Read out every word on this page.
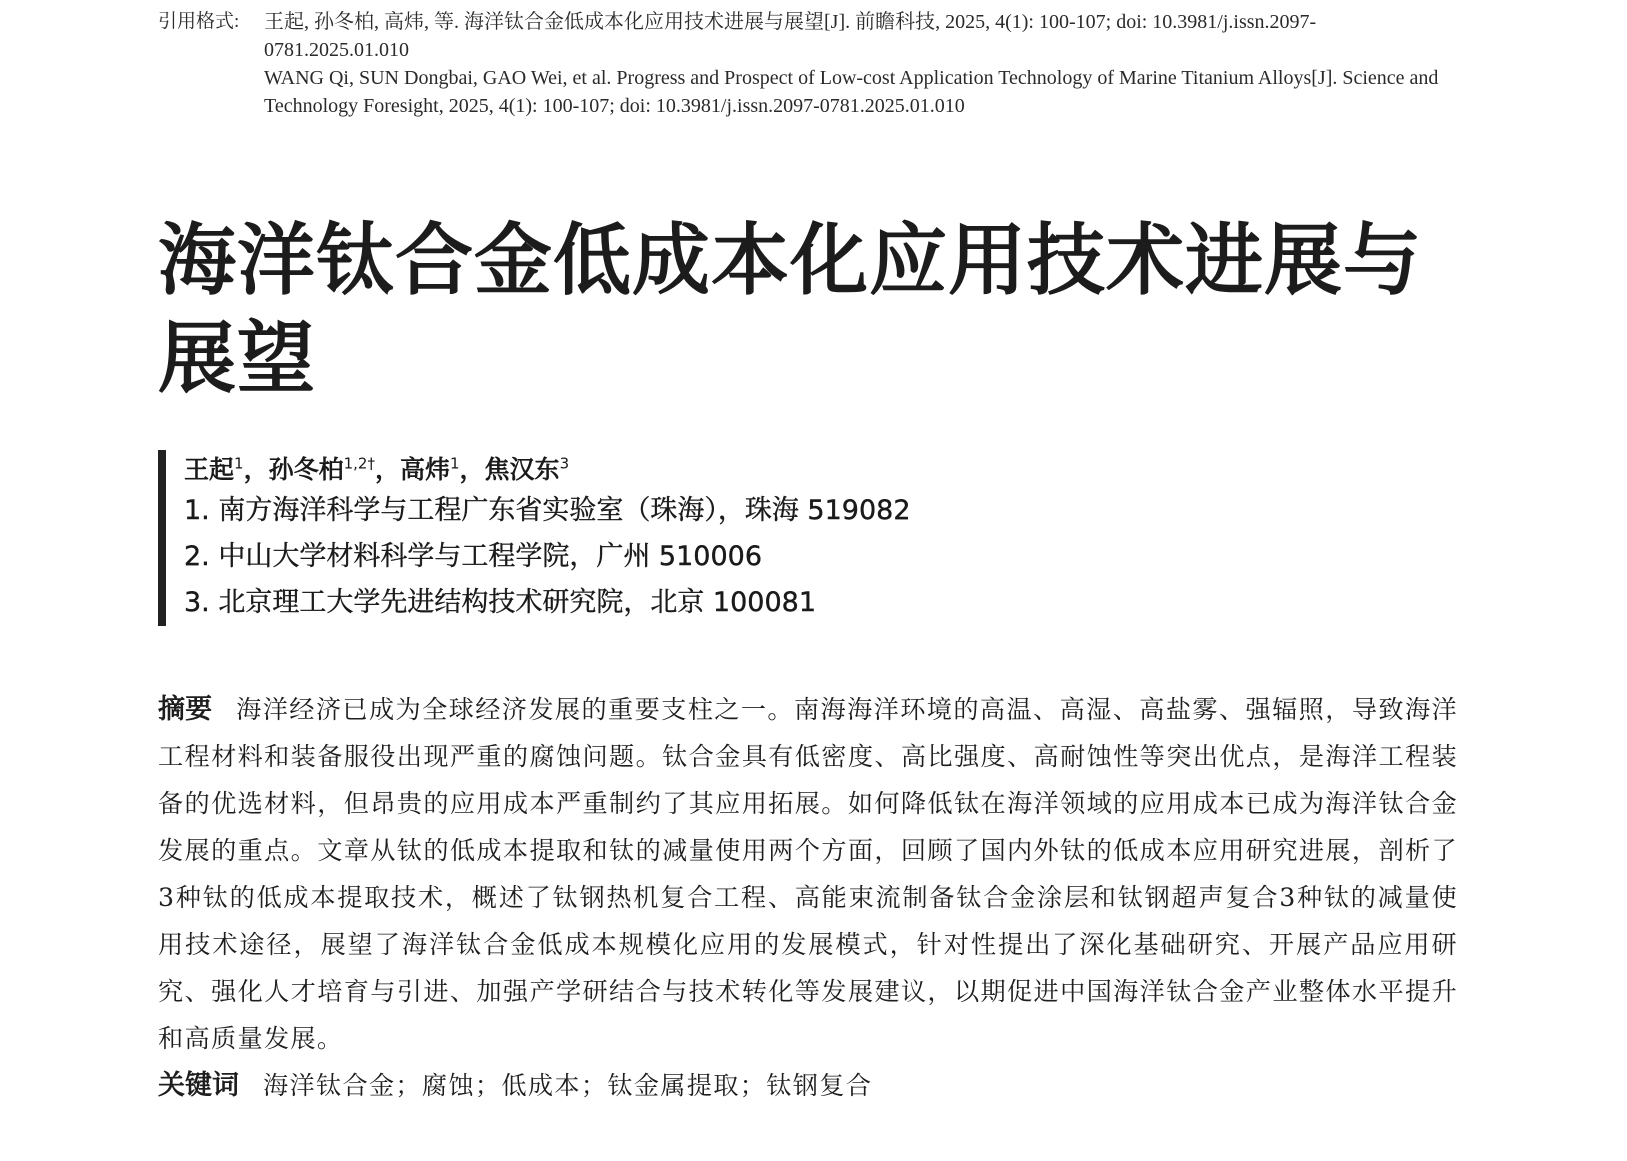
引用格式:	王起, 孙冬柏, 高炜, 等. 海洋钛合金低成本化应用技术进展与展望[J]. 前瞻科技, 2025, 4(1): 100-107; doi: 10.3981/j.issn.2097-0781.2025.01.010
WANG Qi, SUN Dongbai, GAO Wei, et al. Progress and Prospect of Low-cost Application Technology of Marine Titanium Alloys[J]. Science and Technology Foresight, 2025, 4(1): 100-107; doi: 10.3981/j.issn.2097-0781.2025.01.010
海洋钛合金低成本化应用技术进展与展望
王起$^1$，孙冬柏$^{1,2\dagger}$，高炜$^1$，焦汉东$^3$
1. 南方海洋科学与工程广东省实验室（珠海），珠海 519082
2. 中山大学材料科学与工程学院，广州 510006
3. 北京理工大学先进结构技术研究院，北京 100081
摘要 海洋经济已成为全球经济发展的重要支柱之一。南海海洋环境的高温、高湿、高盐雾、强辐照，导致海洋工程材料和装备服役出现严重的腐蚀问题。钛合金具有低密度、高比强度、高耐蚀性等突出优点，是海洋工程装备的优选材料，但昂贵的应用成本严重制约了其应用拓展。如何降低钛在海洋领域的应用成本已成为海洋钛合金发展的重点。文章从钛的低成本提取和钛的减量使用两个方面，回顾了国内外钛的低成本应用研究进展，剖析了3种钛的低成本提取技术，概述了钛钢热机复合工程、高能束流制备钛合金涂层和钛钢超声复合3种钛的减量使用技术途径，展望了海洋钛合金低成本规模化应用的发展模式，针对性提出了深化基础研究、开展产品应用研究、强化人才培育与引进、加强产学研结合与技术转化等发展建议，以期促进中国海洋钛合金产业整体水平提升和高质量发展。
关键词 海洋钛合金；腐蚀；低成本；钛金属提取；钛钢复合
